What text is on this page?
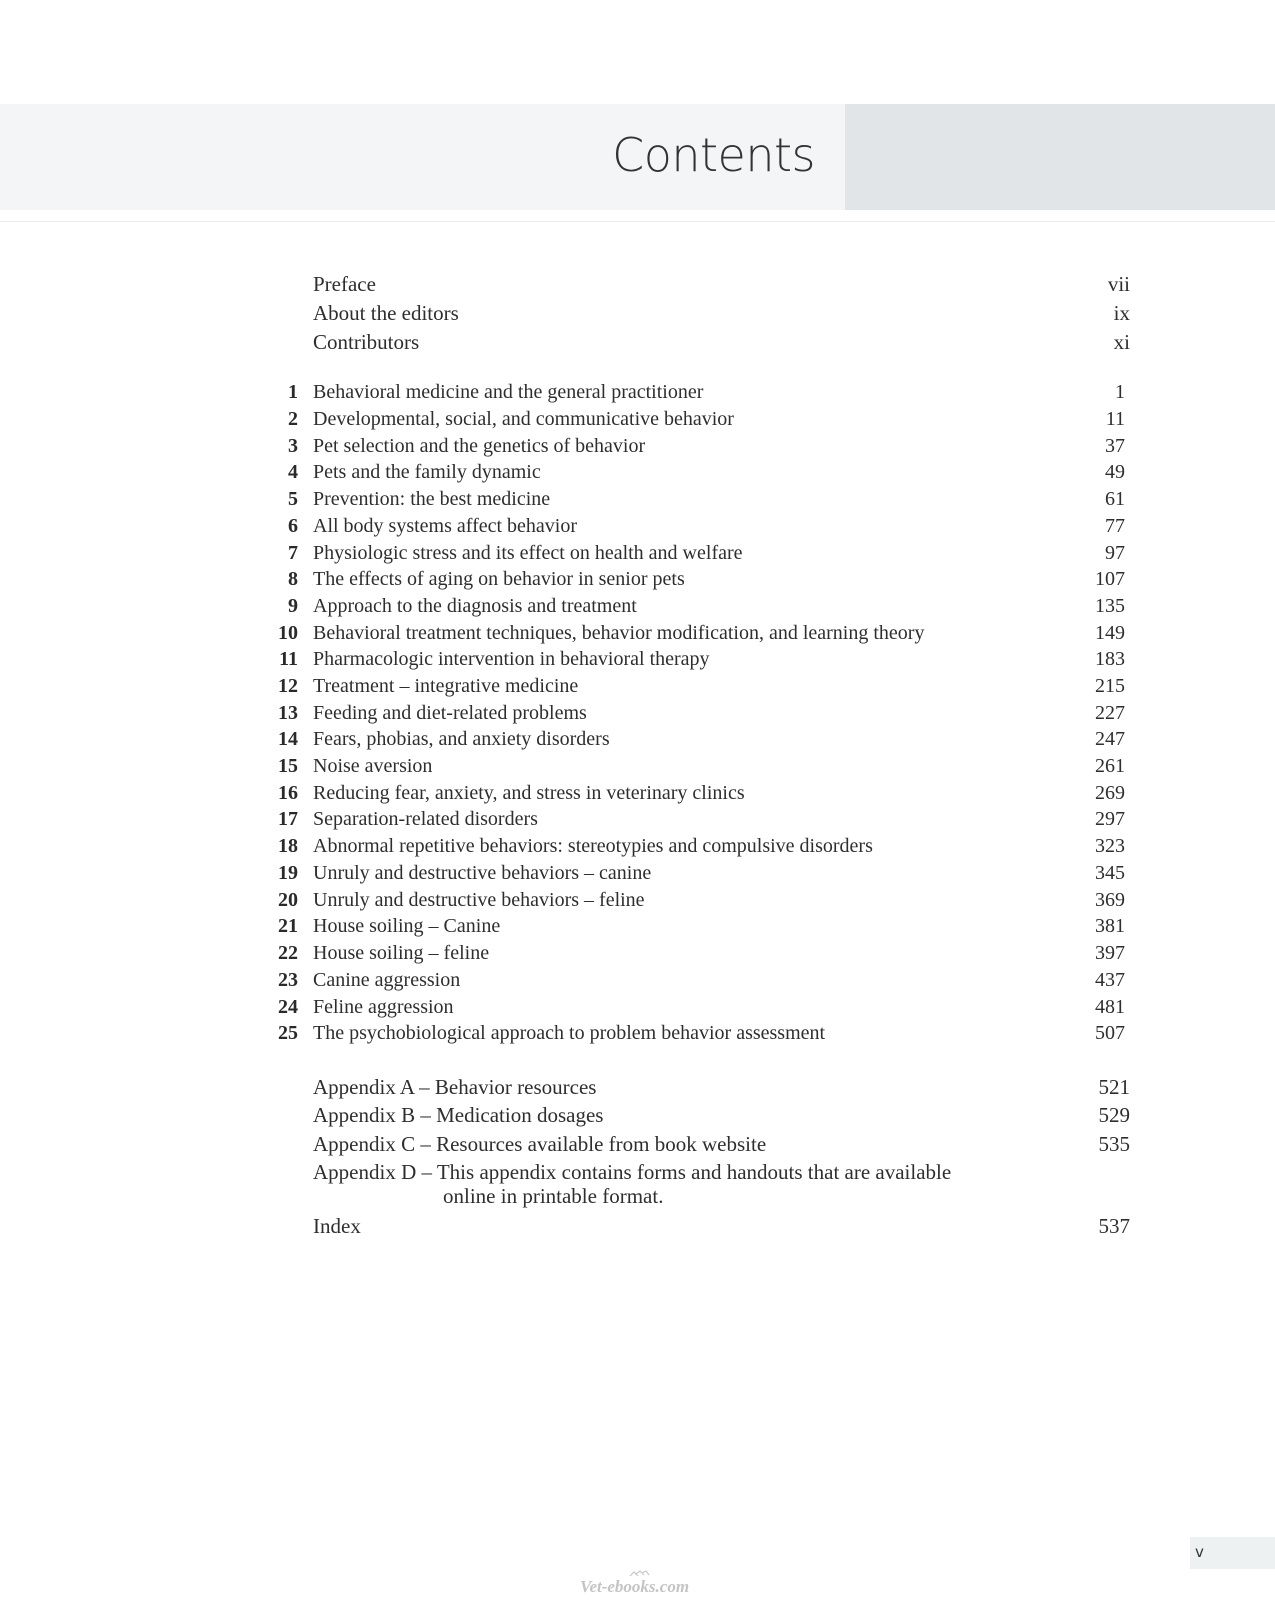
Contents
Preface	vii
About the editors	ix
Contributors	xi
1 Behavioral medicine and the general practitioner	1
2 Developmental, social, and communicative behavior	11
3 Pet selection and the genetics of behavior	37
4 Pets and the family dynamic	49
5 Prevention: the best medicine	61
6 All body systems affect behavior	77
7 Physiologic stress and its effect on health and welfare	97
8 The effects of aging on behavior in senior pets	107
9 Approach to the diagnosis and treatment	135
10 Behavioral treatment techniques, behavior modification, and learning theory	149
11 Pharmacologic intervention in behavioral therapy	183
12 Treatment – integrative medicine	215
13 Feeding and diet-related problems	227
14 Fears, phobias, and anxiety disorders	247
15 Noise aversion	261
16 Reducing fear, anxiety, and stress in veterinary clinics	269
17 Separation-related disorders	297
18 Abnormal repetitive behaviors: stereotypies and compulsive disorders	323
19 Unruly and destructive behaviors – canine	345
20 Unruly and destructive behaviors – feline	369
21 House soiling – Canine	381
22 House soiling – feline	397
23 Canine aggression	437
24 Feline aggression	481
25 The psychobiological approach to problem behavior assessment	507
Appendix A – Behavior resources	521
Appendix B – Medication dosages	529
Appendix C – Resources available from book website	535
Appendix D – This appendix contains forms and handouts that are available
online in printable format.
Index	537
v
Vet-ebooks.com
